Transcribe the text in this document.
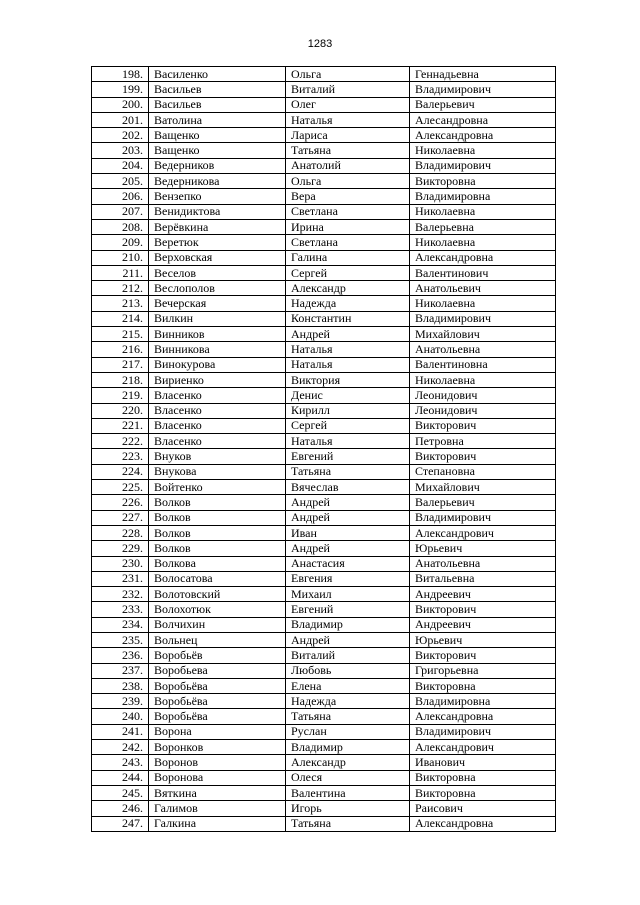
1283
198.	Василенко	Ольга	Геннадьевна
199.	Васильев	Виталий	Владимирович
200.	Васильев	Олег	Валерьевич
201.	Ватолина	Наталья	Алесандровна
202.	Ващенко	Лариса	Александровна
203.	Ващенко	Татьяна	Николаевна
204.	Ведерников	Анатолий	Владимирович
205.	Ведерникова	Ольга	Викторовна
206.	Вензепко	Вера	Владимировна
207.	Венидиктова	Светлана	Николаевна
208.	Верёвкина	Ирина	Валерьевна
209.	Веретюк	Светлана	Николаевна
210.	Верховская	Галина	Александровна
211.	Веселов	Сергей	Валентинович
212.	Веслополов	Александр	Анатольевич
213.	Вечерская	Надежда	Николаевна
214.	Вилкин	Константин	Владимирович
215.	Винников	Андрей	Михайлович
216.	Винникова	Наталья	Анатольевна
217.	Винокурова	Наталья	Валентиновна
218.	Вириенко	Виктория	Николаевна
219.	Власенко	Денис	Леонидович
220.	Власенко	Кирилл	Леонидович
221.	Власенко	Сергей	Викторович
222.	Власенко	Наталья	Петровна
223.	Внуков	Евгений	Викторович
224.	Внукова	Татьяна	Степановна
225.	Войтенко	Вячеслав	Михайлович
226.	Волков	Андрей	Валерьевич
227.	Волков	Андрей	Владимирович
228.	Волков	Иван	Александрович
229.	Волков	Андрей	Юрьевич
230.	Волкова	Анастасия	Анатольевна
231.	Волосатова	Евгения	Витальевна
232.	Волотовский	Михаил	Андреевич
233.	Волохотюк	Евгений	Викторович
234.	Волчихин	Владимир	Андреевич
235.	Вольнец	Андрей	Юрьевич
236.	Воробьёв	Виталий	Викторович
237.	Воробьева	Любовь	Григорьевна
238.	Воробьёва	Елена	Викторовна
239.	Воробьёва	Надежда	Владимировна
240.	Воробьёва	Татьяна	Александровна
241.	Ворона	Руслан	Владимирович
242.	Воронков	Владимир	Александрович
243.	Воронов	Александр	Иванович
244.	Воронова	Олеся	Викторовна
245.	Вяткина	Валентина	Викторовна
246.	Галимов	Игорь	Раисович
247.	Галкина	Татьяна	Александровна
